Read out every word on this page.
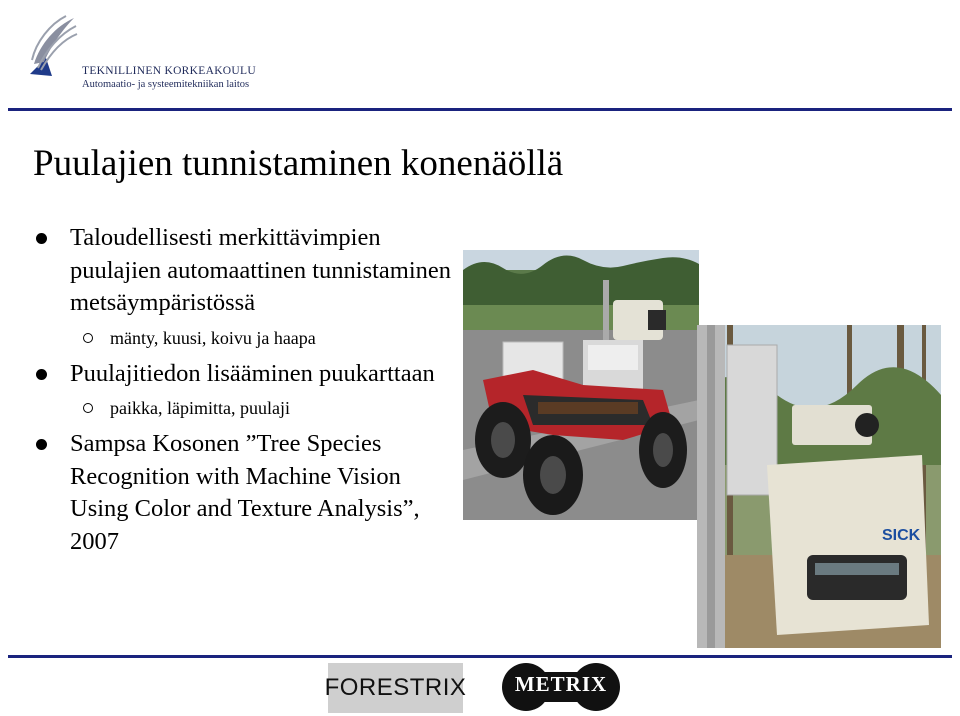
TEKNILLINEN KORKEAKOULU
Automaatio- ja systeemitekniikan laitos
Puulajien tunnistaminen konenäöllä
Taloudellisesti merkittävimpien puulajien automaattinen tunnistaminen metsäympäristössä
mänty, kuusi, koivu ja haapa
Puulajitiedon lisääminen puukarttaan
paikka, läpimitta, puulaji
Sampsa Kosonen ”Tree Species Recognition with Machine Vision Using Color and Texture Analysis”, 2007	SICK
FORESTRIX	METRIX
